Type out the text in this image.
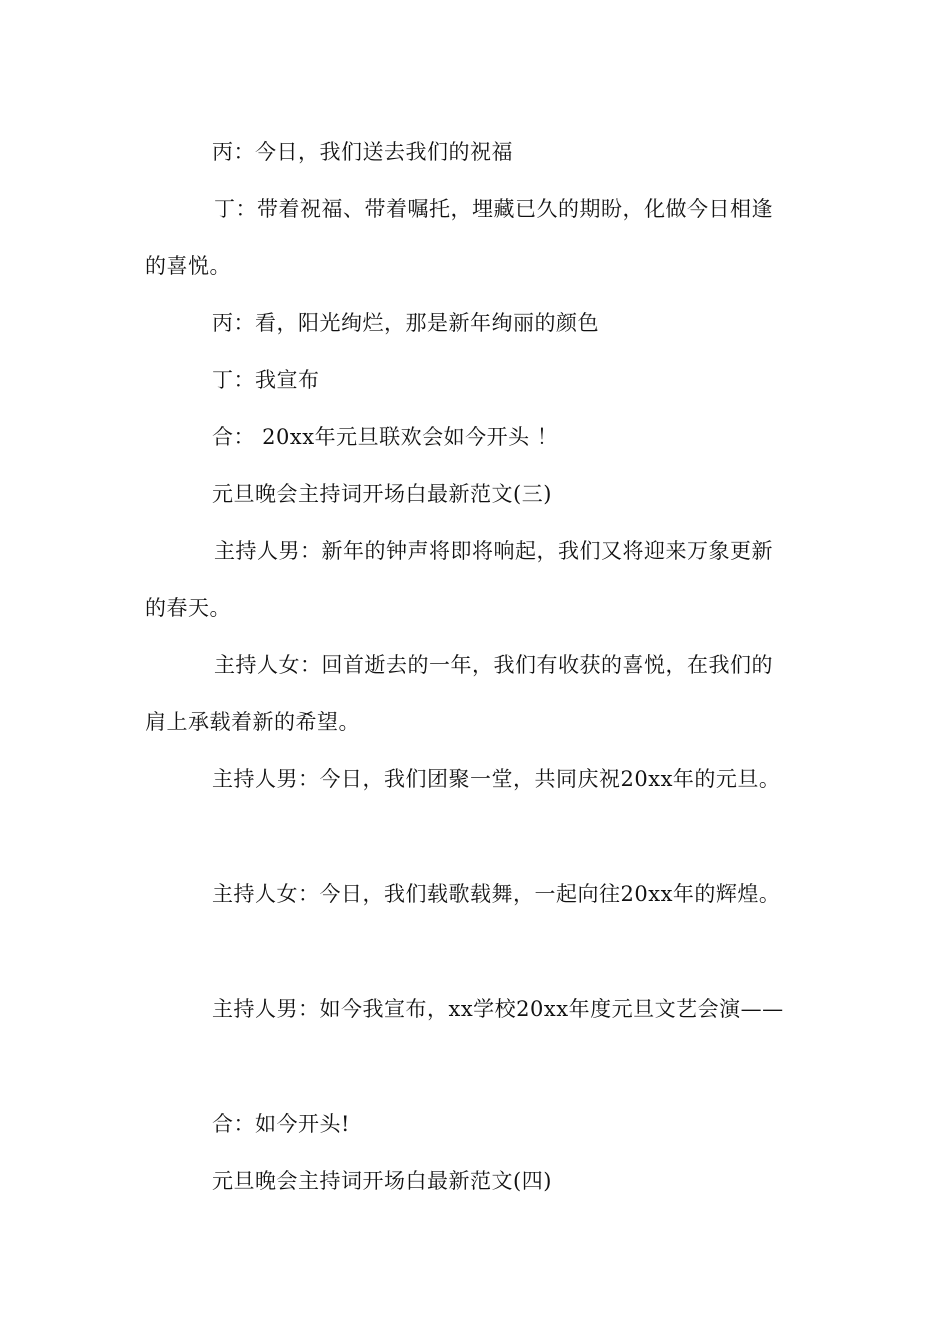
丙：今日，我们送去我们的祝福
丁：带着祝福、带着嘱托，埋藏已久的期盼，化做今日相逢
的喜悦。
丙：看，阳光绚烂，那是新年绚丽的颜色
丁：我宣布
合： 20xx年元旦联欢会如今开头 ！
元旦晚会主持词开场白最新范文(三)
主持人男：新年的钟声将即将响起，我们又将迎来万象更新
的春天。
主持人女：回首逝去的一年，我们有收获的喜悦，在我们的
肩上承载着新的希望。
主持人男：今日，我们团聚一堂，共同庆祝20xx年的元旦。
主持人女：今日，我们载歌载舞，一起向往20xx年的辉煌。
主持人男：如今我宣布，xx学校20xx年度元旦文艺会演——
合：如今开头!
元旦晚会主持词开场白最新范文(四)
